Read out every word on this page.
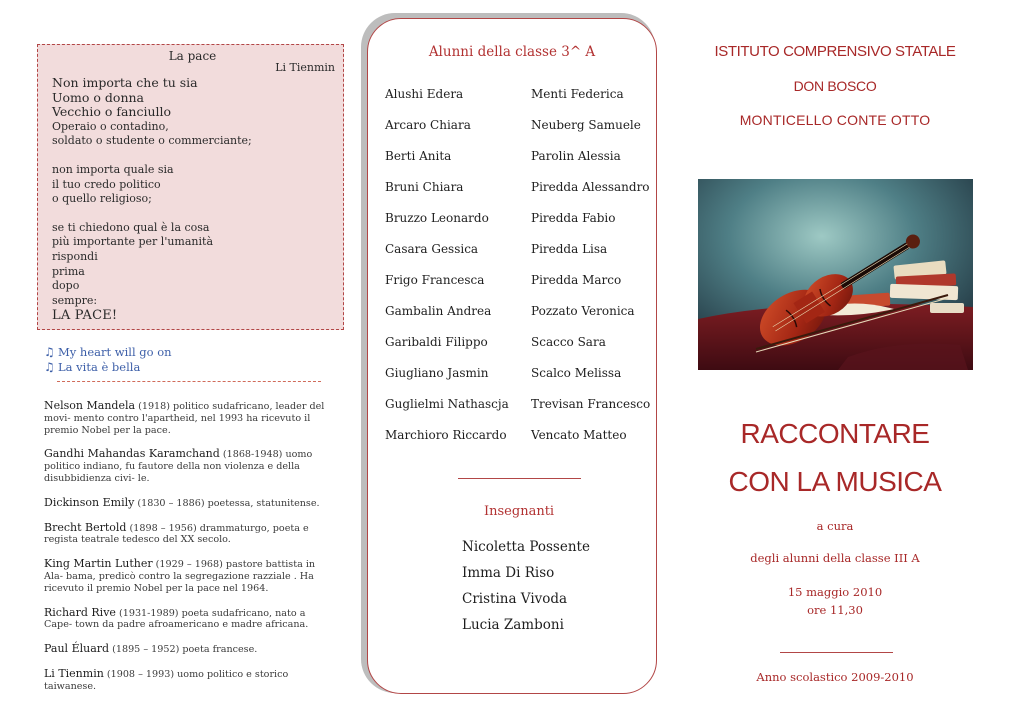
La pace
Li Tienmin
Non importa che tu sia
Uomo o donna
Vecchio o fanciullo
Operaio o contadino,
soldato o studente o commerciante;
non importa quale sia
il tuo credo politico
o quello religioso;
se ti chiedono qual è la cosa
più importante per l'umanità
rispondi
prima
dopo
sempre:
LA PACE!
♫ My heart will go on
♫ La vita è bella
Nelson Mandela (1918) politico sudafricano, leader del movi- mento contro l'apartheid, nel 1993 ha ricevuto il premio Nobel per la pace.
Gandhi Mahandas Karamchand (1868-1948) uomo politico indiano, fu fautore della non violenza e della disubbidienza civi- le.
Dickinson Emily (1830 – 1886) poetessa, statunitense.
Brecht Bertold (1898 – 1956) drammaturgo, poeta e regista teatrale tedesco del XX secolo.
King Martin Luther (1929 – 1968) pastore battista in Ala- bama, predicò contro la segregazione razziale . Ha ricevuto il premio Nobel per la pace nel 1964.
Richard Rive (1931-1989) poeta sudafricano, nato a Cape- town da padre afroamericano e madre africana.
Paul Éluard (1895 – 1952) poeta francese.
Li Tienmin (1908 – 1993) uomo politico e storico taiwanese.
Alunni della classe 3^ A
Alushi Edera
Arcaro Chiara
Berti Anita
Bruni Chiara
Bruzzo Leonardo
Casara Gessica
Frigo Francesca
Gambalin Andrea
Garibaldi Filippo
Giugliano Jasmin
Guglielmi Nathascja
Marchioro Riccardo
Menti Federica
Neuberg Samuele
Parolin Alessia
Piredda Alessandro
Piredda Fabio
Piredda Lisa
Piredda Marco
Pozzato Veronica
Scacco Sara
Scalco Melissa
Trevisan Francesco
Vencato Matteo
Insegnanti
Nicoletta Possente
Imma Di Riso
Cristina Vivoda
Lucia Zamboni
ISTITUTO COMPRENSIVO STATALE
DON BOSCO
MONTICELLO CONTE OTTO
RACCONTARE
CON LA MUSICA
a cura
degli alunni della classe III A
15 maggio 2010
ore 11,30
Anno scolastico 2009-2010
